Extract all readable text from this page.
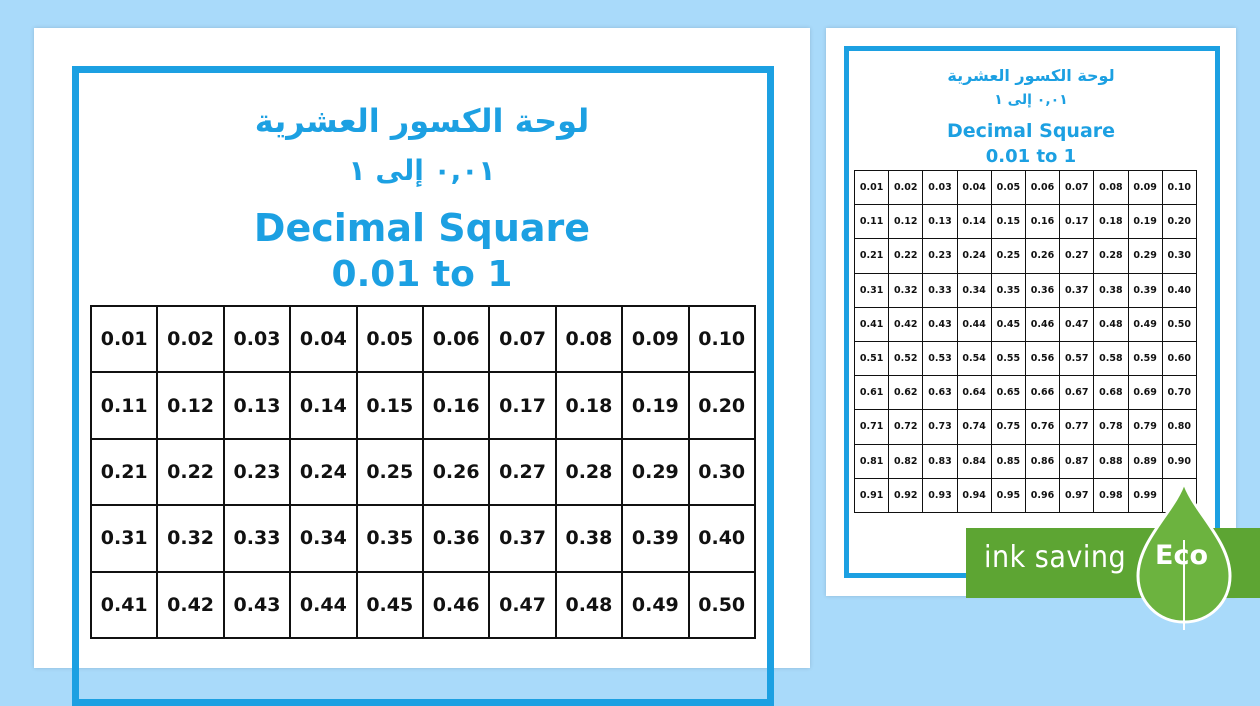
لوحة الكسور العشرية
٠,٠١ إلى ١
Decimal Square
0.01 to 1
0.01	0.02	0.03	0.04	0.05	0.06	0.07	0.08	0.09	0.10
0.11	0.12	0.13	0.14	0.15	0.16	0.17	0.18	0.19	0.20
0.21	0.22	0.23	0.24	0.25	0.26	0.27	0.28	0.29	0.30
0.31	0.32	0.33	0.34	0.35	0.36	0.37	0.38	0.39	0.40
0.41	0.42	0.43	0.44	0.45	0.46	0.47	0.48	0.49	0.50
لوحة الكسور العشرية
٠,٠١ إلى ١
Decimal Square
0.01 to 1
0.01	0.02	0.03	0.04	0.05	0.06	0.07	0.08	0.09	0.10
0.11	0.12	0.13	0.14	0.15	0.16	0.17	0.18	0.19	0.20
0.21	0.22	0.23	0.24	0.25	0.26	0.27	0.28	0.29	0.30
0.31	0.32	0.33	0.34	0.35	0.36	0.37	0.38	0.39	0.40
0.41	0.42	0.43	0.44	0.45	0.46	0.47	0.48	0.49	0.50
0.51	0.52	0.53	0.54	0.55	0.56	0.57	0.58	0.59	0.60
0.61	0.62	0.63	0.64	0.65	0.66	0.67	0.68	0.69	0.70
0.71	0.72	0.73	0.74	0.75	0.76	0.77	0.78	0.79	0.80
0.81	0.82	0.83	0.84	0.85	0.86	0.87	0.88	0.89	0.90
0.91	0.92	0.93	0.94	0.95	0.96	0.97	0.98	0.99
ink saving Eco
